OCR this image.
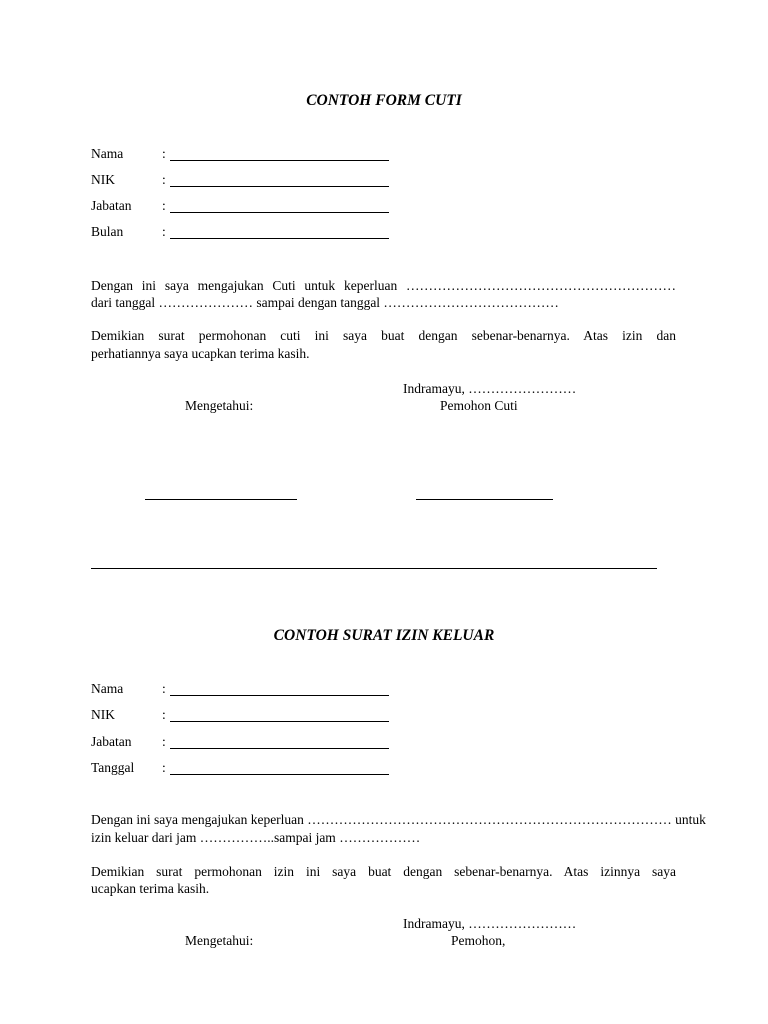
CONTOH FORM CUTI
Nama	:
NIK	:
Jabatan :
Bulan	:
Dengan ini saya mengajukan Cuti untuk keperluan ……………………………………………………
dari tanggal ………………… sampai dengan tanggal …………………………………
Demikian surat permohonan cuti ini saya buat dengan sebenar-benarnya. Atas izin dan
perhatiannya saya ucapkan terima kasih.
Indramayu, ……………………
Mengetahui:	Pemohon Cuti
CONTOH SURAT IZIN KELUAR
Nama	:
NIK	:
Jabatan :
Tanggal :
Dengan ini saya mengajukan keperluan ……………………………………………………………………… untuk
izin keluar dari jam ……………..sampai jam ………………
Demikian surat permohonan izin ini saya buat dengan sebenar-benarnya. Atas izinnya saya
ucapkan terima kasih.
Indramayu, ……………………
Mengetahui:	Pemohon,
